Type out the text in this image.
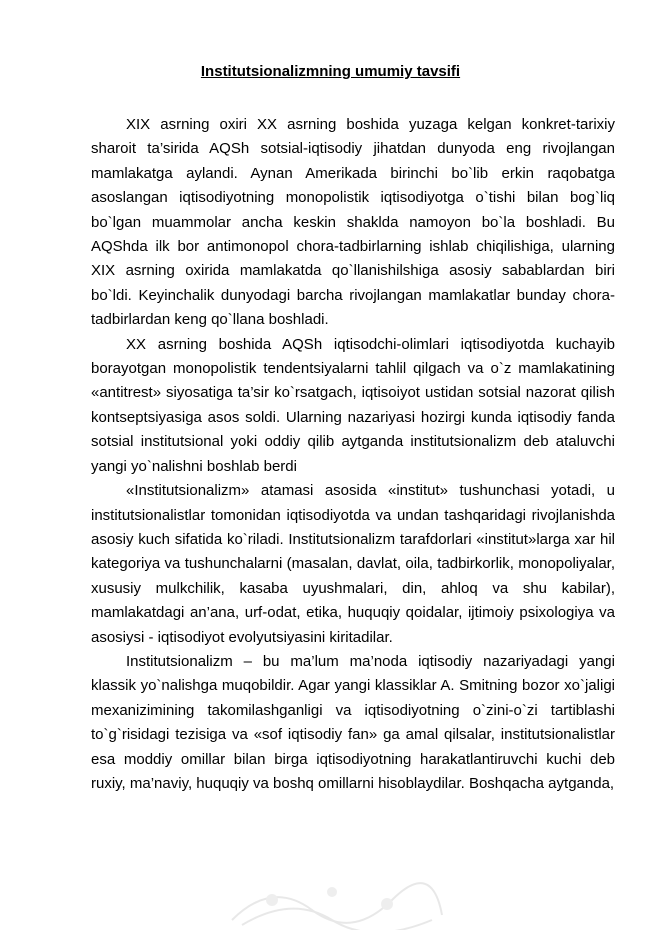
Institutsionalizmning umumiy tavsifi

XIX asrning oxiri XX asrning boshida yuzaga kelgan konkret-tarixiy sharoit ta’sirida AQSh sotsial-iqtisodiy jihatdan dunyoda eng rivojlangan mamlakatga aylandi. Aynan Amerikada birinchi bo`lib erkin raqobatga asoslangan iqtisodiyotning monopolistik iqtisodiyotga o`tishi bilan bog`liq bo`lgan muammolar ancha keskin shaklda namoyon bo`la boshladi. Bu AQShda ilk bor antimonopol chora-tadbirlarning ishlab chiqilishiga, ularning XIX asrning oxirida mamlakatda qo`llanishilshiga asosiy sabablardan biri bo`ldi. Keyinchalik dunyodagi barcha rivojlangan mamlakatlar bunday chora-tadbirlardan keng qo`llana boshladi.

XX asrning boshida AQSh iqtisodchi-olimlari iqtisodiyotda kuchayib borayotgan monopolistik tendentsiyalarni tahlil qilgach va o`z mamlakatining «antitrest» siyosatiga ta’sir ko`rsatgach, iqtisoiyot ustidan sotsial nazorat qilish kontseptsiyasiga asos soldi. Ularning nazariyasi hozirgi kunda iqtisodiy fanda sotsial institutsional yoki oddiy qilib aytganda institutsionalizm deb ataluvchi yangi yo`nalishni boshlab berdi

«Institutsionalizm» atamasi asosida «institut» tushunchasi yotadi, u institutsionalistlar tomonidan iqtisodiyotda va undan tashqaridagi rivojlanishda asosiy kuch sifatida ko`riladi. Institutsionalizm tarafdorlari «institut»larga xar hil kategoriya va tushunchalarni (masalan, davlat, oila, tadbirkorlik, monopoliyalar, xususiy mulkchilik, kasaba uyushmalari, din, ahloq va shu kabilar), mamlakatdagi an’ana, urf-odat, etika, huquqiy qoidalar, ijtimoiy psixologiya va asosiysi - iqtisodiyot evolyutsiyasini kiritadilar.

Institutsionalizm – bu ma’lum ma’noda iqtisodiy nazariyadagi yangi klassik yo`nalishga muqobildir. Agar yangi klassiklar A. Smitning bozor xo`jaligi mexanizimining takomilashganligi va iqtisodiyotning o`zini-o`zi tartiblashi to`g`risidagi tezisiga va «sof iqtisodiy fan» ga amal qilsalar, institutsionalistlar esa moddiy omillar bilan birga iqtisodiyotning harakatlantiruvchi kuchi deb ruxiy, ma’naviy, huquqiy va boshq omillarni hisoblaydilar. Boshqacha aytganda,
